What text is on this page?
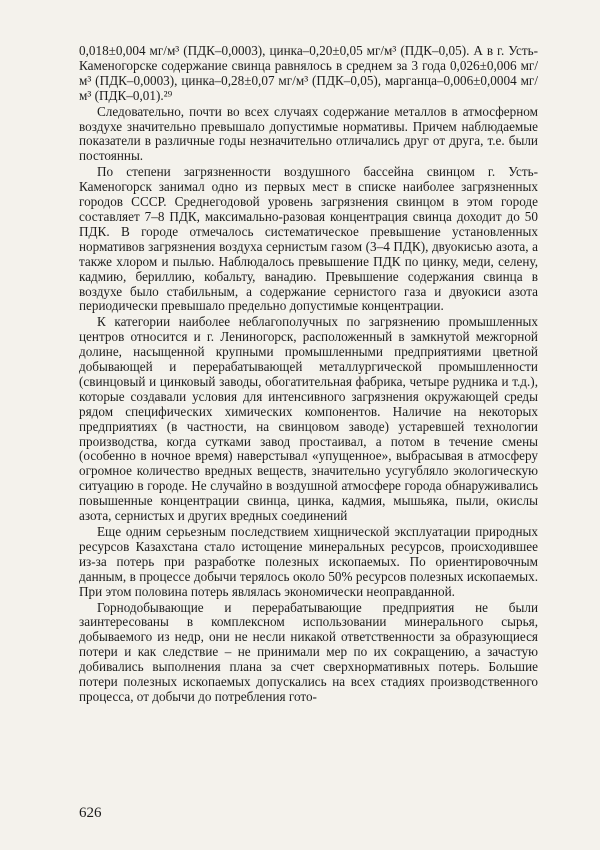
0,018±0,004 мг/м³ (ПДК–0,0003), цинка–0,20±0,05 мг/м³ (ПДК–0,05). А в г. Усть-Каменогорске содержание свинца равнялось в среднем за 3 года 0,026±0,006 мг/м³ (ПДК–0,0003), цинка–0,28±0,07 мг/м³ (ПДК–0,05), марганца–0,006±0,0004 мг/м³ (ПДК–0,01).²⁹

Следовательно, почти во всех случаях содержание металлов в атмосферном воздухе значительно превышало допустимые нормативы. Причем наблюдаемые показатели в различные годы незначительно отличались друг от друга, т.е. были постоянны.

По степени загрязненности воздушного бассейна свинцом г. Усть-Каменогорск занимал одно из первых мест в списке наиболее загрязненных городов СССР. Среднегодовой уровень загрязнения свинцом в этом городе составляет 7–8 ПДК, максимально-разовая концентрация свинца доходит до 50 ПДК. В городе отмечалось систематическое превышение установленных нормативов загрязнения воздуха сернистым газом (3–4 ПДК), двуокисью азота, а также хлором и пылью. Наблюдалось превышение ПДК по цинку, меди, селену, кадмию, бериллию, кобальту, ванадию. Превышение содержания свинца в воздухе было стабильным, а содержание сернистого газа и двуокиси азота периодически превышало предельно допустимые концентрации.

К категории наиболее неблагополучных по загрязнению промышленных центров относится и г. Лениногорск, расположенный в замкнутой межгорной долине, насыщенной крупными промышленными предприятиями цветной добывающей и перерабатывающей металлургической промышленности (свинцовый и цинковый заводы, обогатительная фабрика, четыре рудника и т.д.), которые создавали условия для интенсивного загрязнения окружающей среды рядом специфических химических компонентов. Наличие на некоторых предприятиях (в частности, на свинцовом заводе) устаревшей технологии производства, когда сутками завод простаивал, а потом в течение смены (особенно в ночное время) наверстывал «упущенное», выбрасывая в атмосферу огромное количество вредных веществ, значительно усугубляло экологическую ситуацию в городе. Не случайно в воздушной атмосфере города обнаруживались повышенные концентрации свинца, цинка, кадмия, мышьяка, пыли, окислы азота, сернистых и других вредных соединений

Еще одним серьезным последствием хищнической эксплуатации природных ресурсов Казахстана стало истощение минеральных ресурсов, происходившее из-за потерь при разработке полезных ископаемых. По ориентировочным данным, в процессе добычи терялось около 50% ресурсов полезных ископаемых. При этом половина потерь являлась экономически неоправданной.

Горнодобывающие и перерабатывающие предприятия не были заинтересованы в комплексном использовании минерального сырья, добываемого из недр, они не несли никакой ответственности за образующиеся потери и как следствие – не принимали мер по их сокращению, а зачастую добивались выполнения плана за счет сверхнормативных потерь. Большие потери полезных ископаемых допускались на всех стадиях производственного процесса, от добычи до потребления гото-

626
